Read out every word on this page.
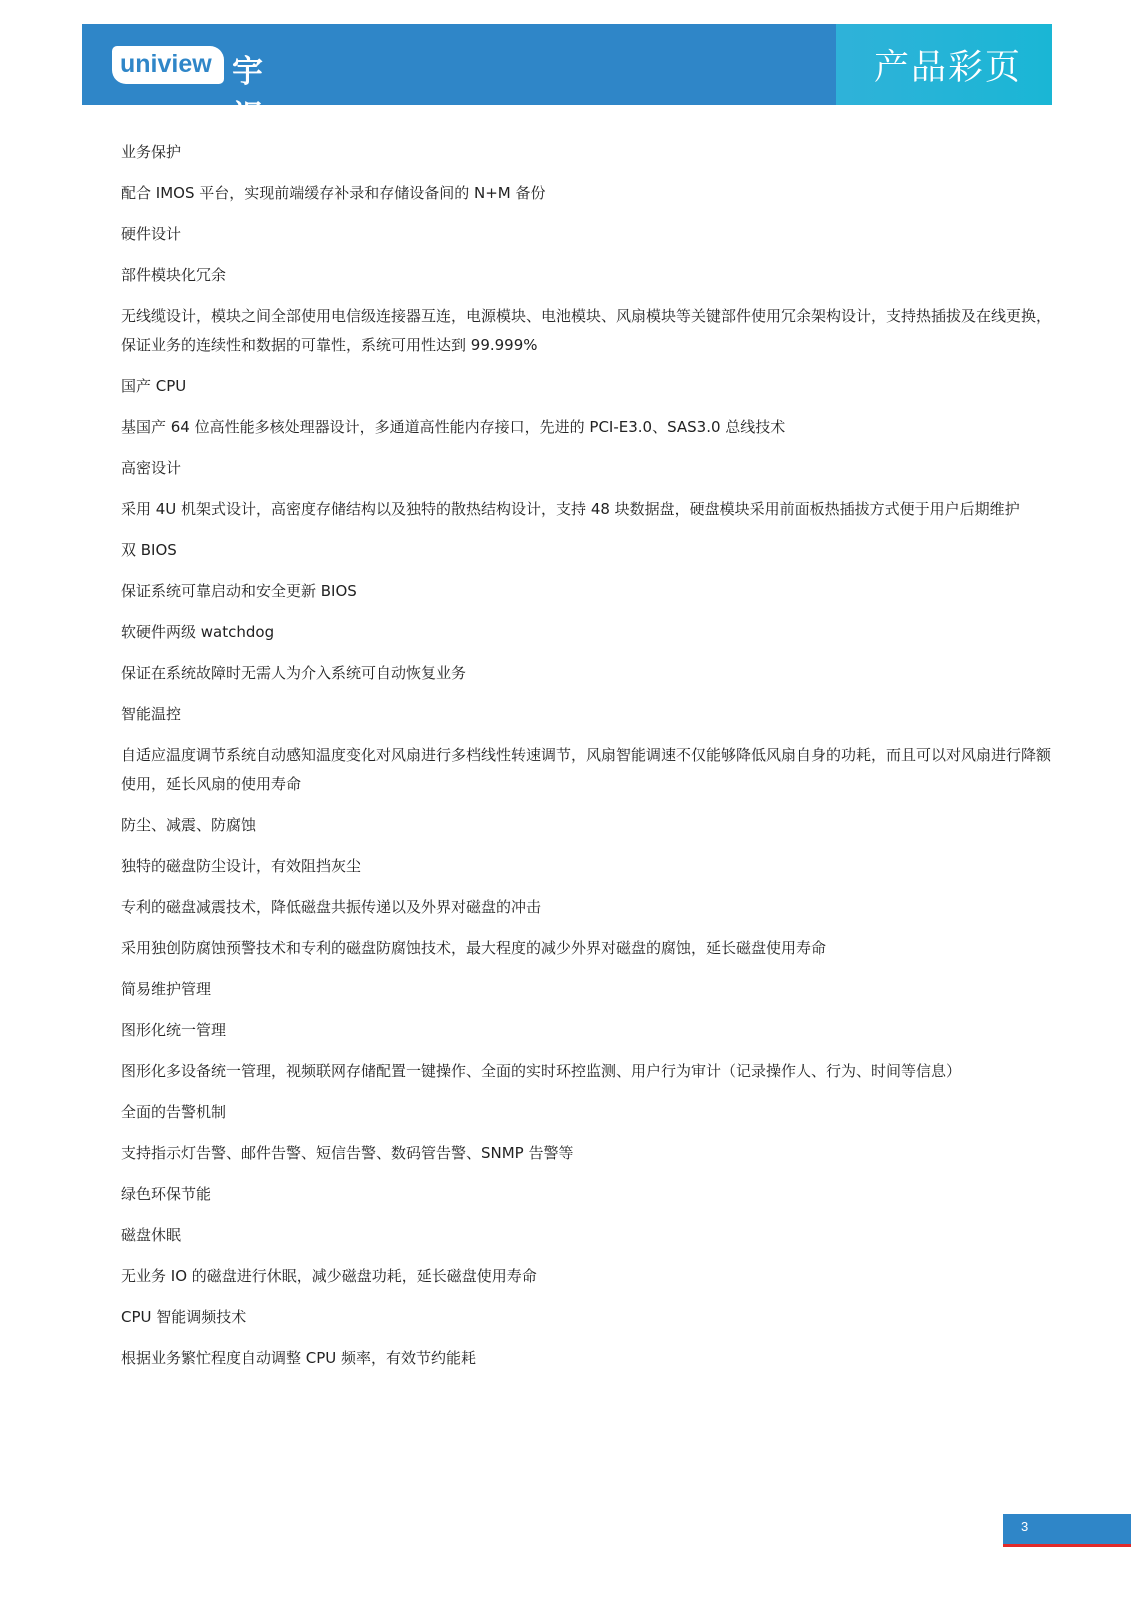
uniview 宇视
产品彩页

业务保护

配合 IMOS 平台，实现前端缓存补录和存储设备间的 N+M 备份

硬件设计

部件模块化冗余

无线缆设计，模块之间全部使用电信级连接器互连，电源模块、电池模块、风扇模块等关键部件使用冗余架构设计，支持热插拔及在线更换，保证业务的连续性和数据的可靠性，系统可用性达到 99.999%

国产 CPU

基国产 64 位高性能多核处理器设计，多通道高性能内存接口，先进的 PCI-E3.0、SAS3.0 总线技术

高密设计

采用 4U 机架式设计，高密度存储结构以及独特的散热结构设计，支持 48 块数据盘，硬盘模块采用前面板热插拔方式便于用户后期维护

双 BIOS

保证系统可靠启动和安全更新 BIOS

软硬件两级 watchdog

保证在系统故障时无需人为介入系统可自动恢复业务

智能温控

自适应温度调节系统自动感知温度变化对风扇进行多档线性转速调节，风扇智能调速不仅能够降低风扇自身的功耗，而且可以对风扇进行降额使用，延长风扇的使用寿命

防尘、减震、防腐蚀

独特的磁盘防尘设计，有效阻挡灰尘

专利的磁盘减震技术，降低磁盘共振传递以及外界对磁盘的冲击

采用独创防腐蚀预警技术和专利的磁盘防腐蚀技术，最大程度的减少外界对磁盘的腐蚀，延长磁盘使用寿命

简易维护管理

图形化统一管理

图形化多设备统一管理，视频联网存储配置一键操作、全面的实时环控监测、用户行为审计（记录操作人、行为、时间等信息）

全面的告警机制

支持指示灯告警、邮件告警、短信告警、数码管告警、SNMP 告警等

绿色环保节能

磁盘休眠

无业务 IO 的磁盘进行休眠，减少磁盘功耗，延长磁盘使用寿命

CPU 智能调频技术

根据业务繁忙程度自动调整 CPU 频率，有效节约能耗

3
